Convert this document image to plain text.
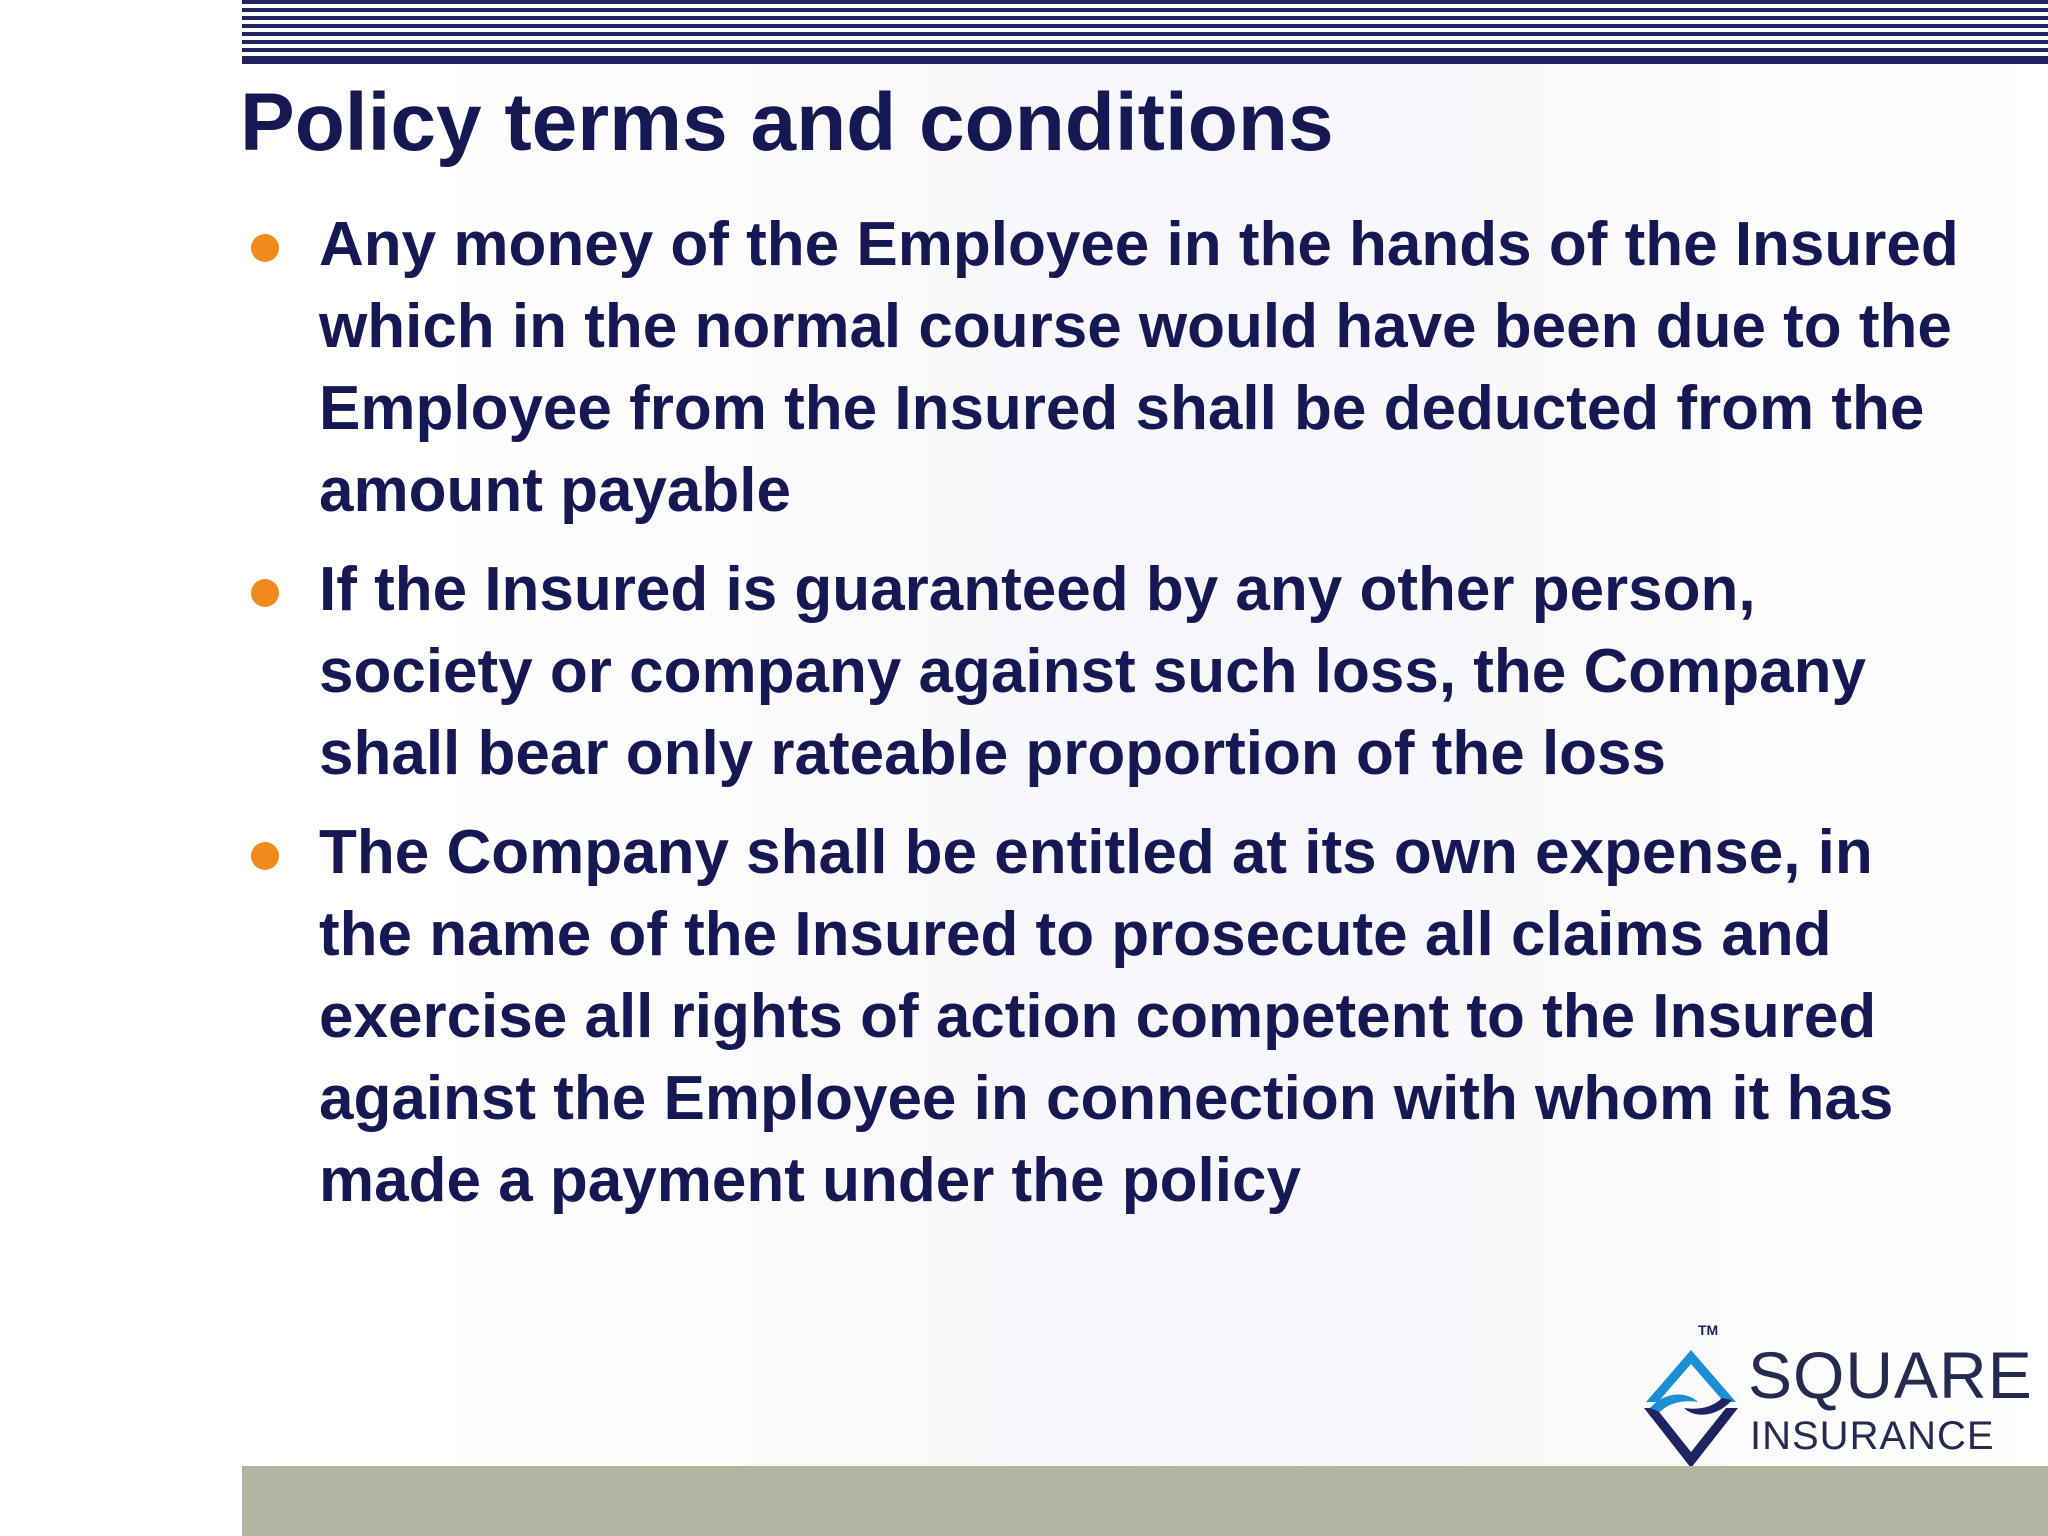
Policy terms and conditions
Any money of the Employee in the hands of the Insured which in the normal course would have been due to the Employee from the Insured shall be deducted from the amount payable
If the Insured is guaranteed by any other person, society or company against such loss, the Company shall bear only rateable proportion of the loss
The Company shall be entitled at its own expense, in the name of the Insured to prosecute all claims and exercise all rights of action competent to the Insured against the Employee in connection with whom it has made a payment under the policy
TM
SQUARE
INSURANCE
